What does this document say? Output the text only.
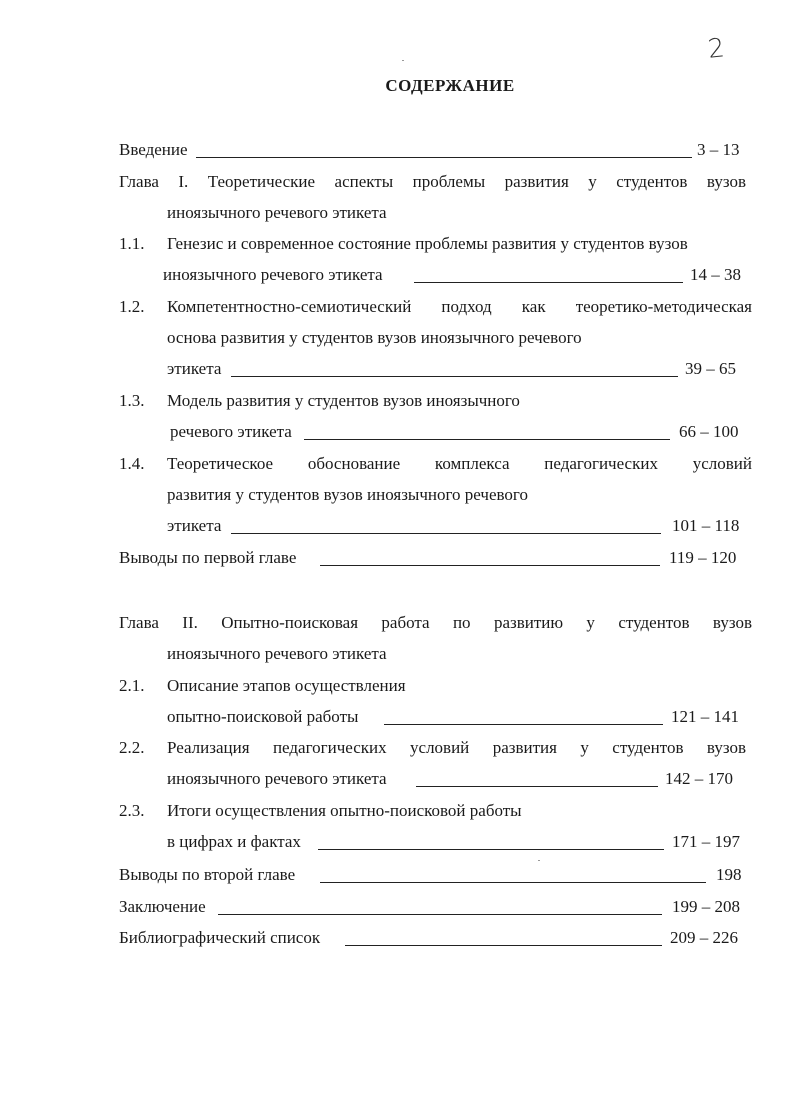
2
СОДЕРЖАНИЕ
Введение	3 – 13
Глава I. Теоретические аспекты проблемы развития у студентов вузов
иноязычного речевого этикета
1.1. Генезис и современное состояние проблемы развития у студентов вузов
иноязычного речевого этикета	14 – 38
1.2. Компетентностно-семиотический подход как теоретико-методическая
основа развития у студентов вузов иноязычного речевого
этикета	39 – 65
1.3. Модель развития у студентов вузов иноязычного
речевого этикета	66 – 100
1.4. Теоретическое обоснование комплекса педагогических условий
развития у студентов вузов иноязычного речевого
этикета	101 – 118
Выводы по первой главе	119 – 120
Глава II. Опытно-поисковая работа по развитию у студентов вузов
иноязычного речевого этикета
2.1. Описание этапов осуществления
опытно-поисковой работы	121 – 141
2.2. Реализация педагогических условий развития у студентов вузов
иноязычного речевого этикета	142 – 170
2.3. Итоги осуществления опытно-поисковой работы
в цифрах и фактах	171 – 197
Выводы по второй главе	198
Заключение	199 – 208
Библиографический список	209 – 226
